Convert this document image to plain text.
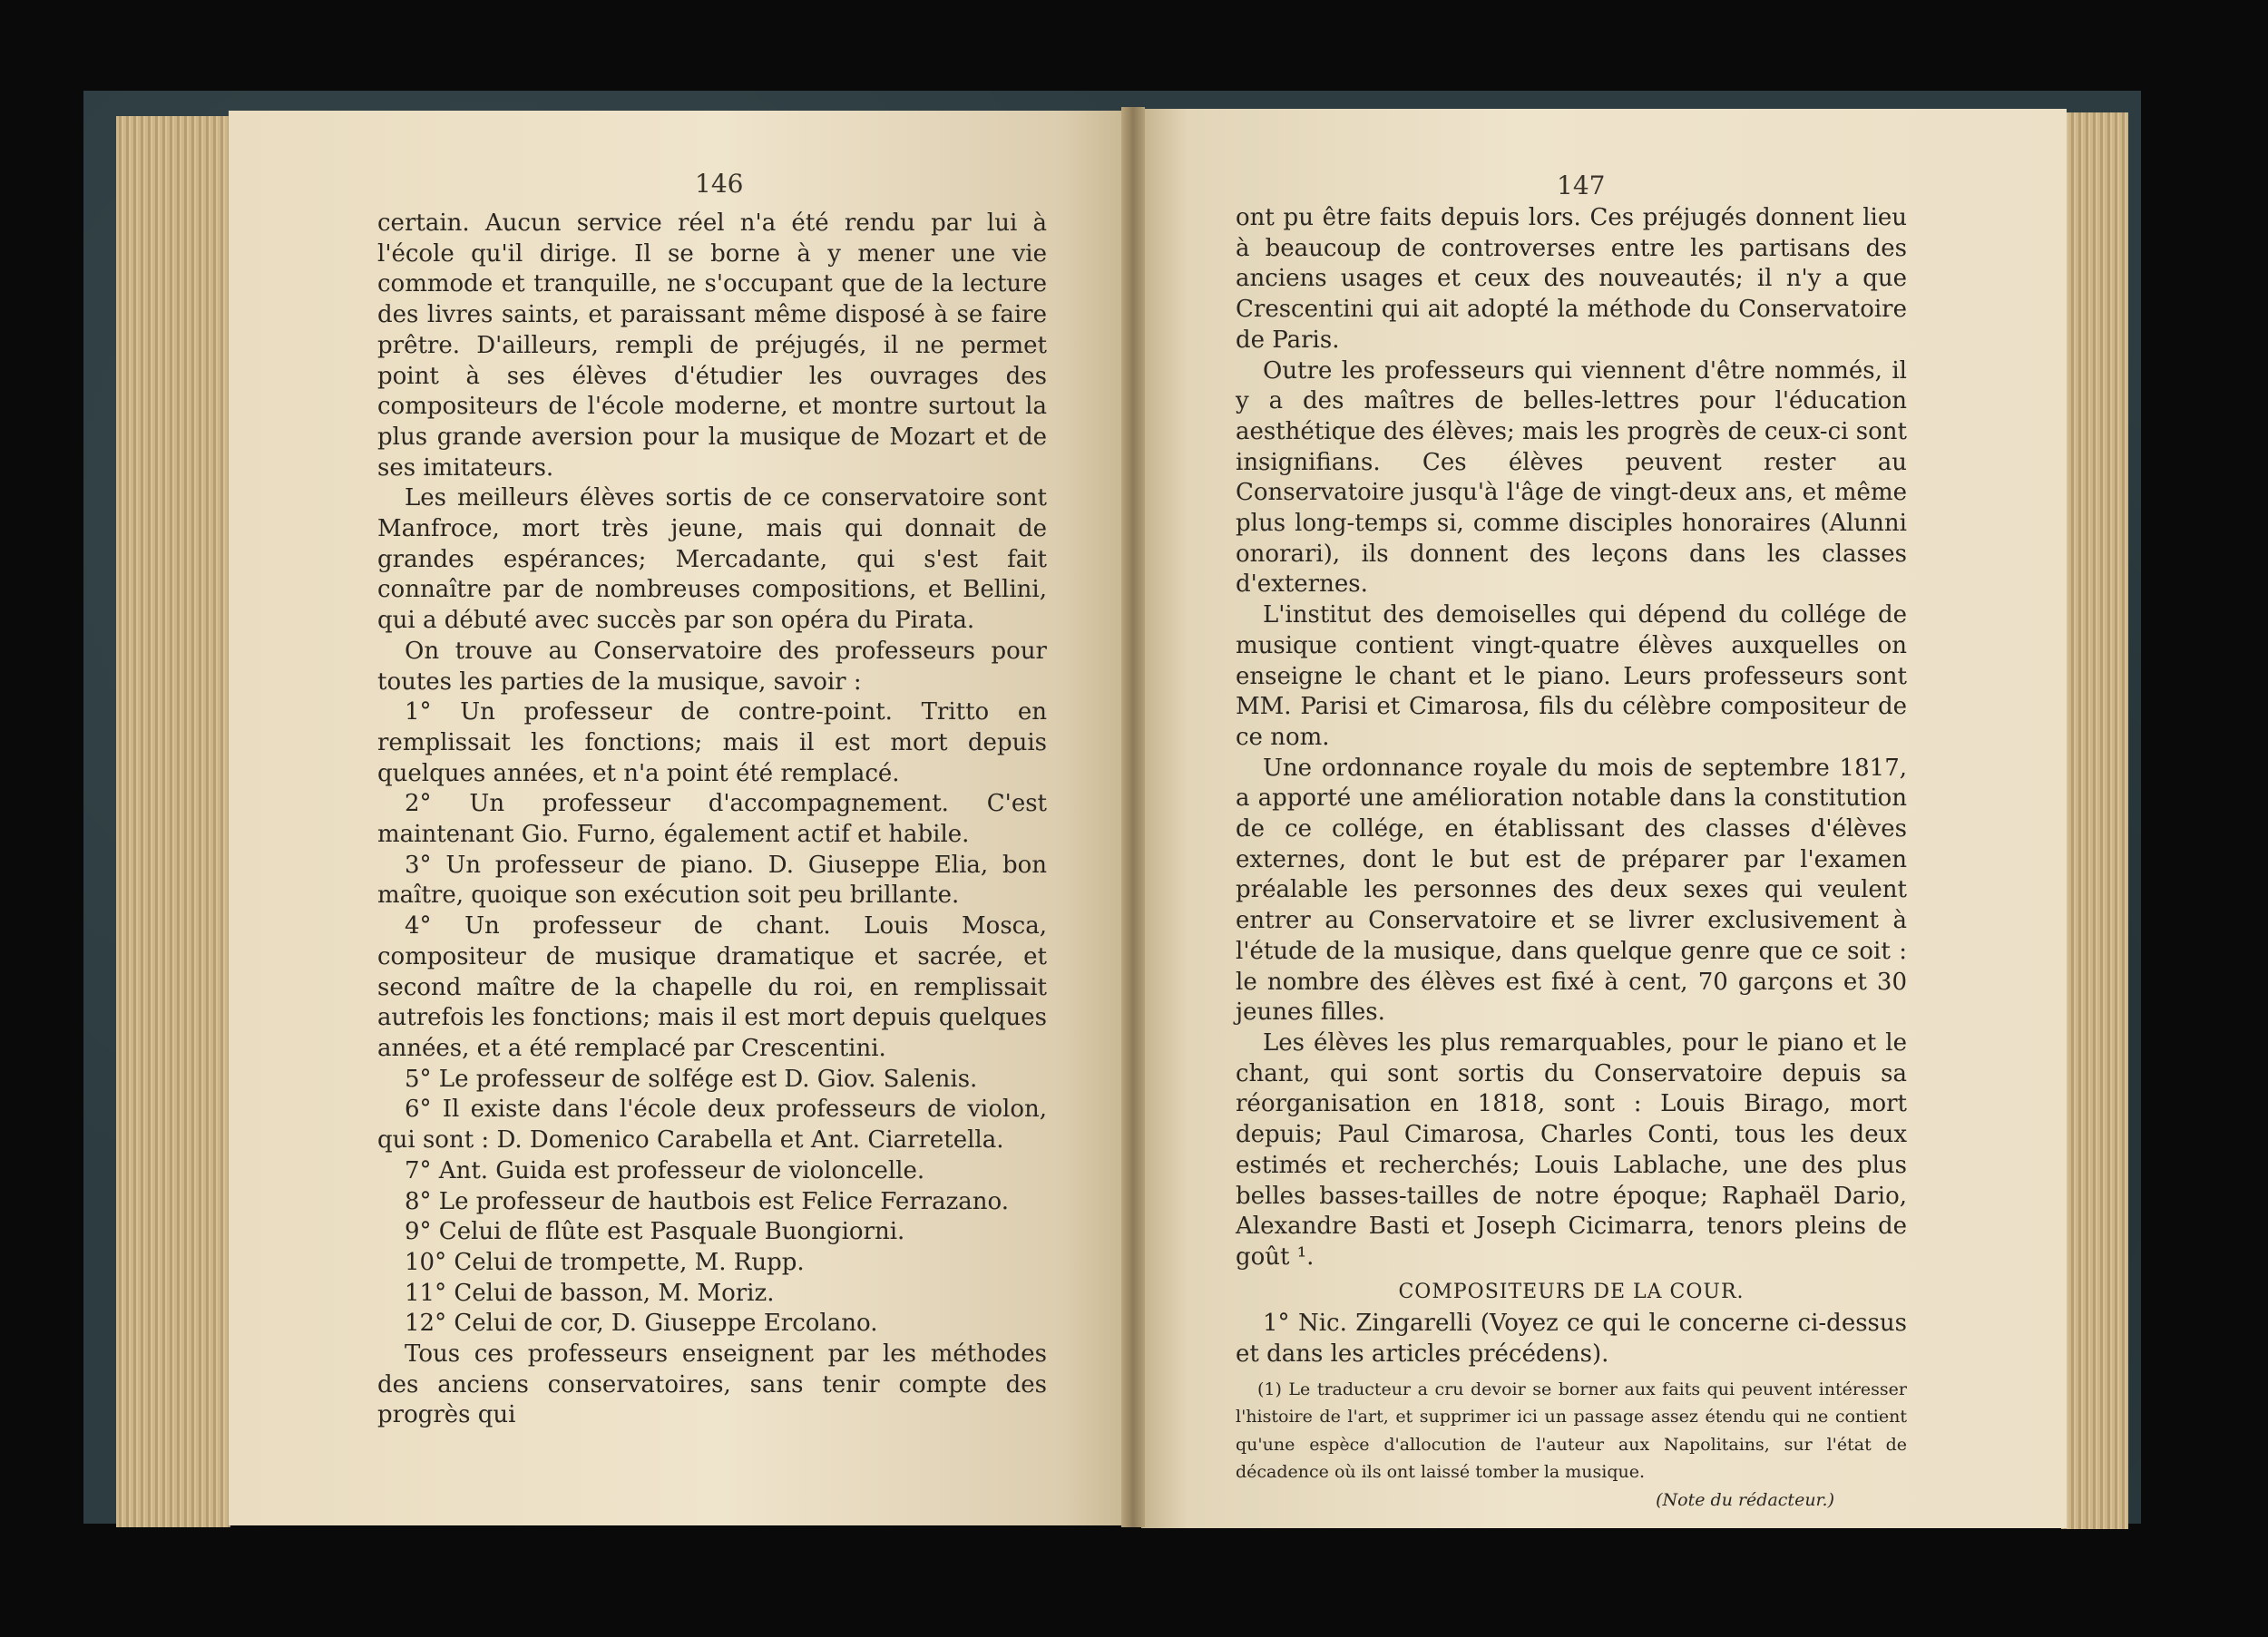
146	147

certain. Aucun service réel n'a été rendu par lui à l'école qu'il dirige. Il se borne à y mener une vie commode et tranquille, ne s'occupant que de la lecture des livres saints, et paraissant même disposé à se faire prêtre. D'ailleurs, rempli de préjugés, il ne permet point à ses élèves d'étudier les ouvrages des compositeurs de l'école moderne, et montre surtout la plus grande aversion pour la musique de Mozart et de ses imitateurs.

Les meilleurs élèves sortis de ce conservatoire sont Manfroce, mort très jeune, mais qui donnait de grandes espérances; Mercadante, qui s'est fait connaître par de nombreuses compositions, et Bellini, qui a débuté avec succès par son opéra du Pirata.

On trouve au Conservatoire des professeurs pour toutes les parties de la musique, savoir :

1° Un professeur de contre-point. Tritto en remplissait les fonctions; mais il est mort depuis quelques années, et n'a point été remplacé.

2° Un professeur d'accompagnement. C'est maintenant Gio. Furno, également actif et habile.

3° Un professeur de piano. D. Giuseppe Elia, bon maître, quoique son exécution soit peu brillante.

4° Un professeur de chant. Louis Mosca, compositeur de musique dramatique et sacrée, et second maître de la chapelle du roi, en remplissait autrefois les fonctions; mais il est mort depuis quelques années, et a été remplacé par Crescentini.

5° Le professeur de solfége est D. Giov. Salenis.

6° Il existe dans l'école deux professeurs de violon, qui sont : D. Domenico Carabella et Ant. Ciarretella.

7° Ant. Guida est professeur de violoncelle.

8° Le professeur de hautbois est Felice Ferrazano.

9° Celui de flûte est Pasquale Buongiorni.

10° Celui de trompette, M. Rupp.

11° Celui de basson, M. Moriz.

12° Celui de cor, D. Giuseppe Ercolano.

Tous ces professeurs enseignent par les méthodes des anciens conservatoires, sans tenir compte des progrès qui

ont pu être faits depuis lors. Ces préjugés donnent lieu à beaucoup de controverses entre les partisans des anciens usages et ceux des nouveautés; il n'y a que Crescentini qui ait adopté la méthode du Conservatoire de Paris.

Outre les professeurs qui viennent d'être nommés, il y a des maîtres de belles-lettres pour l'éducation aesthétique des élèves; mais les progrès de ceux-ci sont insignifians. Ces élèves peuvent rester au Conservatoire jusqu'à l'âge de vingt-deux ans, et même plus long-temps si, comme disciples honoraires (Alunni onorari), ils donnent des leçons dans les classes d'externes.

L'institut des demoiselles qui dépend du collége de musique contient vingt-quatre élèves auxquelles on enseigne le chant et le piano. Leurs professeurs sont MM. Parisi et Cimarosa, fils du célèbre compositeur de ce nom.

Une ordonnance royale du mois de septembre 1817, a apporté une amélioration notable dans la constitution de ce collége, en établissant des classes d'élèves externes, dont le but est de préparer par l'examen préalable les personnes des deux sexes qui veulent entrer au Conservatoire et se livrer exclusivement à l'étude de la musique, dans quelque genre que ce soit : le nombre des élèves est fixé à cent, 70 garçons et 30 jeunes filles.

Les élèves les plus remarquables, pour le piano et le chant, qui sont sortis du Conservatoire depuis sa réorganisation en 1818, sont : Louis Birago, mort depuis; Paul Cimarosa, Charles Conti, tous les deux estimés et recherchés; Louis Lablache, une des plus belles basses-tailles de notre époque; Raphaël Dario, Alexandre Basti et Joseph Cicimarra, tenors pleins de goût ¹.

COMPOSITEURS DE LA COUR.

1° Nic. Zingarelli (Voyez ce qui le concerne ci-dessus et dans les articles précédens).

(1) Le traducteur a cru devoir se borner aux faits qui peuvent intéresser l'histoire de l'art, et supprimer ici un passage assez étendu qui ne contient qu'une espèce d'allocution de l'auteur aux Napolitains, sur l'état de décadence où ils ont laissé tomber la musique.

(Note du rédacteur.)
